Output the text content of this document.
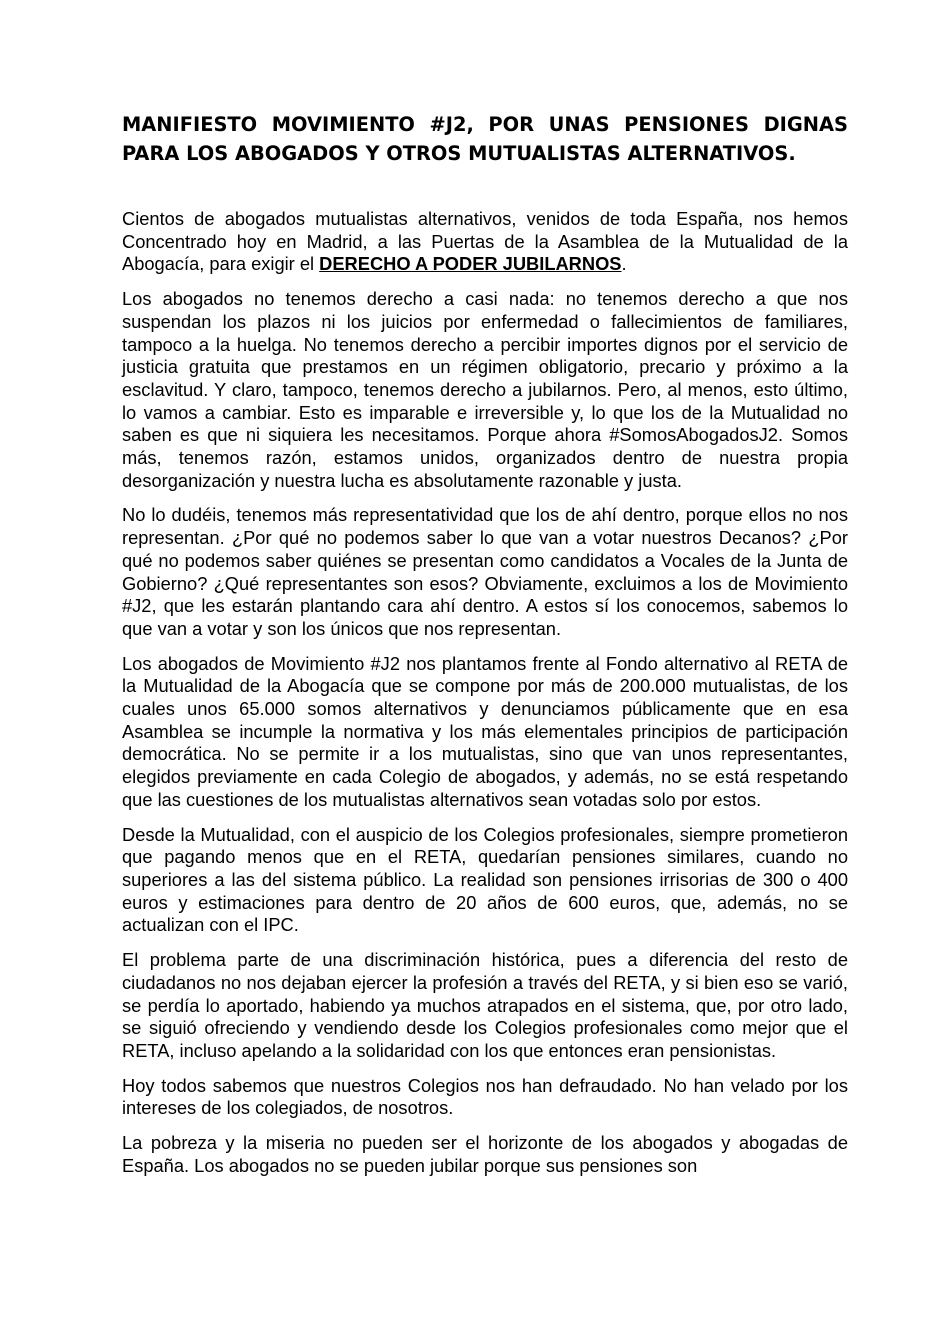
MANIFIESTO MOVIMIENTO #J2, POR UNAS PENSIONES DIGNAS PARA LOS ABOGADOS Y OTROS MUTUALISTAS ALTERNATIVOS.

Cientos de abogados mutualistas alternativos, venidos de toda España, nos hemos Concentrado hoy en Madrid, a las Puertas de la Asamblea de la Mutualidad de la Abogacía, para exigir el DERECHO A PODER JUBILARNOS.

Los abogados no tenemos derecho a casi nada: no tenemos derecho a que nos suspendan los plazos ni los juicios por enfermedad o fallecimientos de familiares, tampoco a la huelga. No tenemos derecho a percibir importes dignos por el servicio de justicia gratuita que prestamos en un régimen obligatorio, precario y próximo a la esclavitud. Y claro, tampoco, tenemos derecho a jubilarnos. Pero, al menos, esto último, lo vamos a cambiar. Esto es imparable e irreversible y, lo que los de la Mutualidad no saben es que ni siquiera les necesitamos. Porque ahora #SomosAbogadosJ2. Somos más, tenemos razón, estamos unidos, organizados dentro de nuestra propia desorganización y nuestra lucha es absolutamente razonable y justa.

No lo dudéis, tenemos más representatividad que los de ahí dentro, porque ellos no nos representan. ¿Por qué no podemos saber lo que van a votar nuestros Decanos? ¿Por qué no podemos saber quiénes se presentan como candidatos a Vocales de la Junta de Gobierno? ¿Qué representantes son esos? Obviamente, excluimos a los de Movimiento #J2, que les estarán plantando cara ahí dentro. A estos sí los conocemos, sabemos lo que van a votar y son los únicos que nos representan.

Los abogados de Movimiento #J2 nos plantamos frente al Fondo alternativo al RETA de la Mutualidad de la Abogacía que se compone por más de 200.000 mutualistas, de los cuales unos 65.000 somos alternativos y denunciamos públicamente que en esa Asamblea se incumple la normativa y los más elementales principios de participación democrática. No se permite ir a los mutualistas, sino que van unos representantes, elegidos previamente en cada Colegio de abogados, y además, no se está respetando que las cuestiones de los mutualistas alternativos sean votadas solo por estos.

Desde la Mutualidad, con el auspicio de los Colegios profesionales, siempre prometieron que pagando menos que en el RETA, quedarían pensiones similares, cuando no superiores a las del sistema público. La realidad son pensiones irrisorias de 300 o 400 euros y estimaciones para dentro de 20 años de 600 euros, que, además, no se actualizan con el IPC.

El problema parte de una discriminación histórica, pues a diferencia del resto de ciudadanos no nos dejaban ejercer la profesión a través del RETA, y si bien eso se varió, se perdía lo aportado, habiendo ya muchos atrapados en el sistema, que, por otro lado, se siguió ofreciendo y vendiendo desde los Colegios profesionales como mejor que el RETA, incluso apelando a la solidaridad con los que entonces eran pensionistas.

Hoy todos sabemos que nuestros Colegios nos han defraudado. No han velado por los intereses de los colegiados, de nosotros.

La pobreza y la miseria no pueden ser el horizonte de los abogados y abogadas de España. Los abogados no se pueden jubilar porque sus pensiones son
